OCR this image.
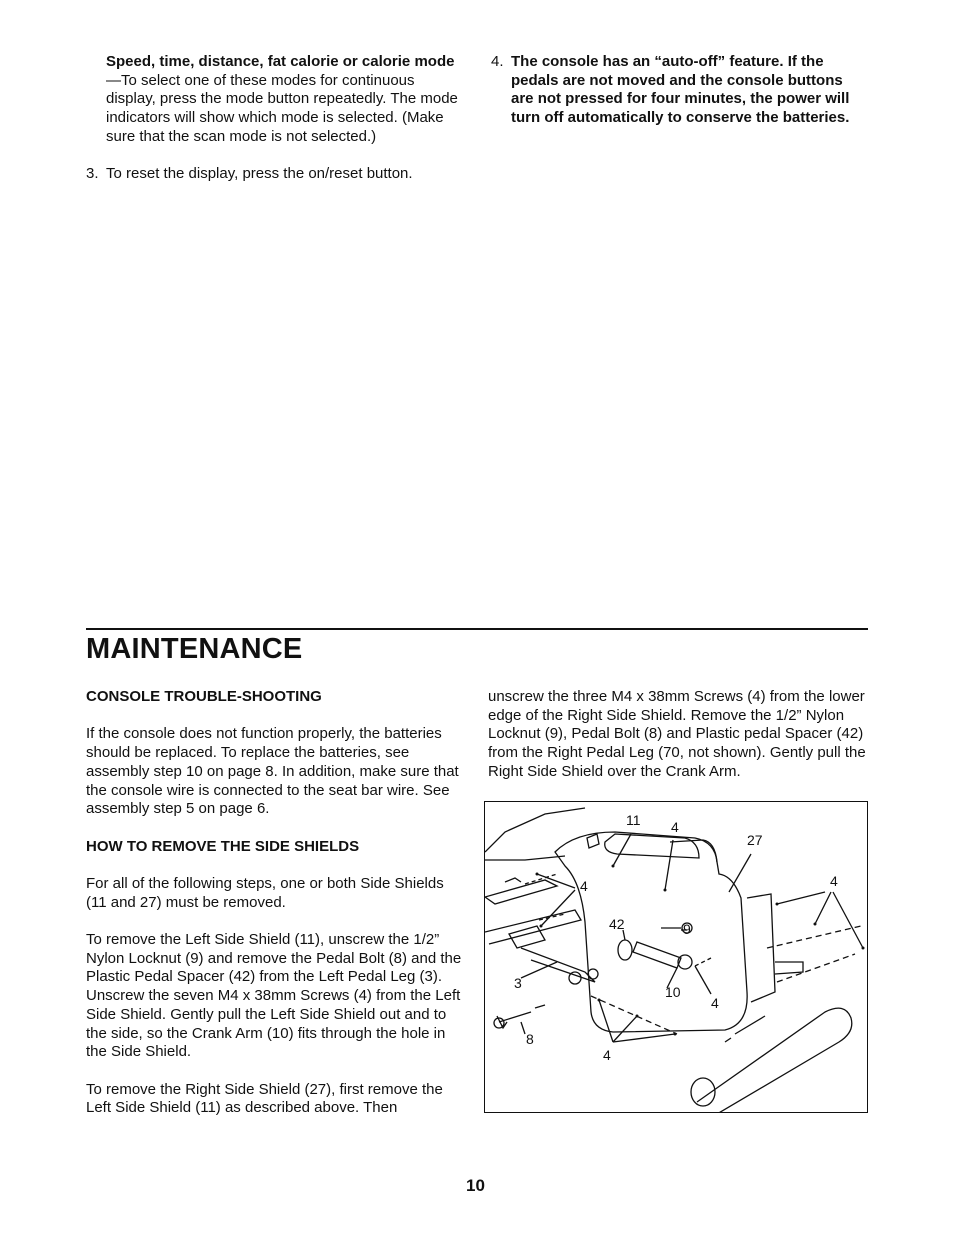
Speed, time, distance, fat calorie or calorie mode—To select one of these modes for continuous display, press the mode button repeatedly. The mode indicators will show which mode is selected. (Make sure that the scan mode is not selected.)

3. To reset the display, press the on/reset button.

4. The console has an “auto-off” feature. If the pedals are not moved and the console buttons are not pressed for four minutes, the power will turn off automatically to conserve the batteries.

MAINTENANCE

CONSOLE TROUBLE-SHOOTING

If the console does not function properly, the batteries should be replaced. To replace the batteries, see assembly step 10 on page 8. In addition, make sure that the console wire is connected to the seat bar wire. See assembly step 5 on page 6.

HOW TO REMOVE THE SIDE SHIELDS

For all of the following steps, one or both Side Shields (11 and 27) must be removed.

To remove the Left Side Shield (11), unscrew the 1/2” Nylon Locknut (9) and remove the Pedal Bolt (8) and the Plastic Pedal Spacer (42) from the Left Pedal Leg (3). Unscrew the seven M4 x 38mm Screws (4) from the Left Side Shield. Gently pull the Left Side Shield out and to the side, so the Crank Arm (10) fits through the hole in the Side Shield.

To remove the Right Side Shield (27), first remove the Left Side Shield (11) as described above. Then

unscrew the three M4 x 38mm Screws (4) from the lower edge of the Right Side Shield. Remove the 1/2” Nylon Locknut (9), Pedal Bolt (8) and Plastic pedal Spacer (42) from the Right Pedal Leg (70, not shown). Gently pull the Right Side Shield over the Crank Arm.

11 4
27
4
4
42	9
3
10
4
8
4
10
